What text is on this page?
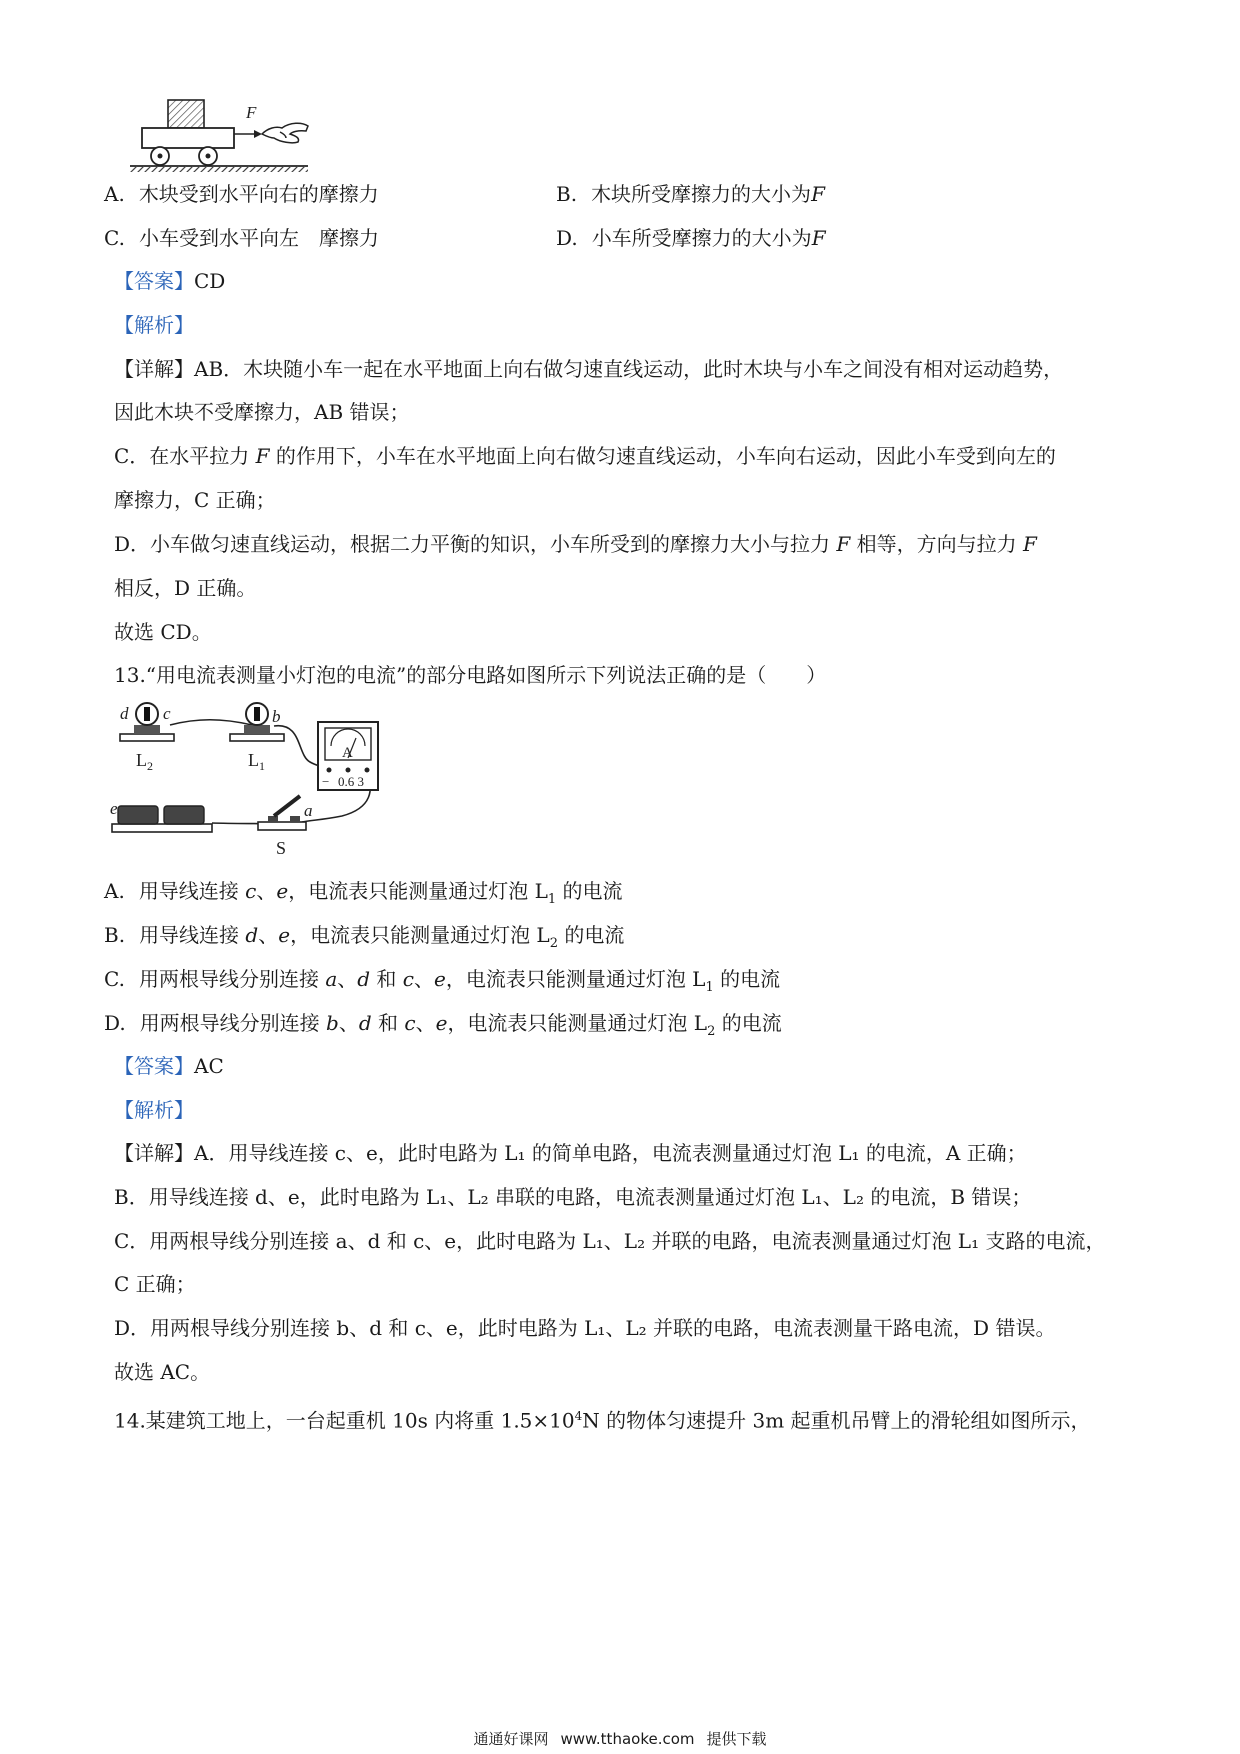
F
A. 木块受到水平向右的摩擦力	B. 木块所受摩擦力的大小为F
C. 小车受到水平向左　摩擦力	D. 小车所受摩擦力的大小为F
【答案】CD
【解析】
【详解】AB．木块随小车一起在水平地面上向右做匀速直线运动，此时木块与小车之间没有相对运动趋势，
因此木块不受摩擦力，AB 错误；
C．在水平拉力 F 的作用下，小车在水平地面上向右做匀速直线运动，小车向右运动，因此小车受到向左的
摩擦力，C 正确；
D．小车做匀速直线运动，根据二力平衡的知识，小车所受到的摩擦力大小与拉力 F 相等，方向与拉力 F
相反，D 正确。
故选 CD。
13.“用电流表测量小灯泡的电流”的部分电路如图所示下列说法正确的是（　　）
d c	b
$L_2$	$L_1$
A
− 0.6 3
e	a
S
A. 用导线连接 c、e，电流表只能测量通过灯泡 $L_1$ 的电流
B. 用导线连接 d、e，电流表只能测量通过灯泡 $L_2$ 的电流
C. 用两根导线分别连接 a、d 和 c、e，电流表只能测量通过灯泡 $L_1$ 的电流
D. 用两根导线分别连接 b、d 和 c、e，电流表只能测量通过灯泡 $L_2$ 的电流
【答案】AC
【解析】
【详解】A．用导线连接 c、e，此时电路为 L₁ 的简单电路，电流表测量通过灯泡 L₁ 的电流，A 正确；
B．用导线连接 d、e，此时电路为 L₁、L₂ 串联的电路，电流表测量通过灯泡 L₁、L₂ 的电流，B 错误；
C．用两根导线分别连接 a、d 和 c、e，此时电路为 L₁、L₂ 并联的电路，电流表测量通过灯泡 L₁ 支路的电流，
C 正确；
D．用两根导线分别连接 b、d 和 c、e，此时电路为 L₁、L₂ 并联的电路，电流表测量干路电流，D 错误。
故选 AC。
14.某建筑工地上，一台起重机 10s 内将重 $1.5\times 10^4N$ 的物体匀速提升 3m 起重机吊臂上的滑轮组如图所示，
通通好课网 www.tthaoke.com 提供下载
